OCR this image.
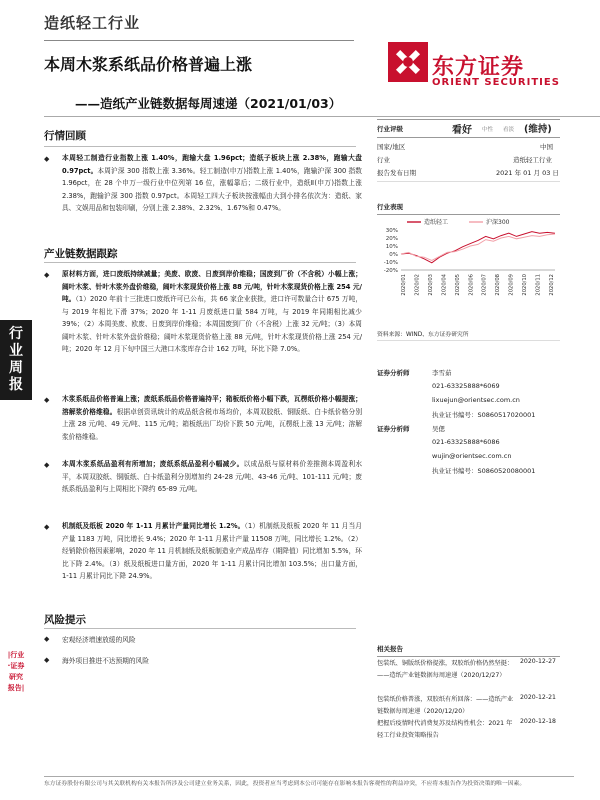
造纸轻工行业
本周木浆系纸品价格普遍上涨
——造纸产业链数据每周速递（2021/01/03）
东方证券
ORIENT SECURITIES
行情回顾
◆ 本周轻工制造行业指数上涨 1.40%，跑输大盘 1.96pct；造纸子板块上涨 2.38%，跑输大盘 0.97pct。本周沪深 300 指数上涨 3.36%。轻工制造(申万)指数上涨 1.40%，跑输沪深 300 指数 1.96pct，在 28 个申万一级行业中位列第 16 位，涨幅靠后；二级行业中，造纸Ⅱ(申万)指数上涨 2.38%，跑输沪深 300 指数 0.97pct。本周轻工四大子板块按涨幅由大到小排名依次为：造纸、家具、文娱用品和包装印刷，分别上涨 2.38%、2.32%、1.67%和 0.47%。
产业链数据跟踪
◆ 原材料方面，进口废纸持续减量；美废、欧废、日废到岸价维稳；国废到厂价（不含税）小幅上涨；阔叶木浆、针叶木浆外盘价维稳，阔叶木浆现货价格上涨 88 元/吨，针叶木浆现货价格上涨 254 元/吨。（1）2020 年前十三批进口废纸许可已公布，共 66 家企业获批，进口许可数量合计 675 万吨，与 2019 年相比下滑 37%；2020 年 1-11 月废纸进口量 584 万吨，与 2019 年同期相比减少 39%；（2）本周美废、欧废、日废到岸价维稳；本周国废到厂价（不含税）上涨 32 元/吨；（3）本周阔叶木浆、针叶木浆外盘价维稳；阔叶木浆现货价格上涨 88 元/吨，针叶木浆现货价格上涨 254 元/吨；2020 年 12 月下旬中国三大港口木浆库存合计 162 万吨，环比下降 7.0%。
◆ 木浆系纸品价格普遍上涨；废纸系纸品价格普遍持平；箱板纸价格小幅下跌，瓦楞纸价格小幅提涨；溶解浆价格维稳。根据卓创资讯统计的成品纸含税市场均价，本周双胶纸、铜版纸、白卡纸价格分别上涨 28 元/吨、49 元/吨、115 元/吨；箱板纸出厂均价下跌 50 元/吨，瓦楞纸上涨 13 元/吨；溶解浆价格维稳。
◆ 本周木浆系纸品盈利有所增加；废纸系纸品盈利小幅减少。以成品纸与原材料价差推测本周盈利水平，本周双胶纸、铜版纸、白卡纸盈利分别增加约 24-28 元/吨、43-46 元/吨、101-111 元/吨；废纸系纸品盈利与上周相比下降约 65-89 元/吨。
◆ 机制纸及纸板 2020 年 1-11 月累计产量同比增长 1.2%。（1）机制纸及纸板 2020 年 11 月当月产量 1183 万吨，同比增长 9.4%；2020 年 1-11 月累计产量 11508 万吨，同比增长 1.2%。（2）经销除价格因素影响，2020 年 11 月机制纸及纸板制造业产成品库存（期降值）同比增加 5.5%，环比下降 2.4%。（3）纸及纸板进口量方面，2020 年 1-11 月累计同比增加 103.5%；出口量方面，1-11 月累计同比下降 24.9%。
风险提示
◆ 宏观经济增速放缓的风险
◆ 海外项目推进不达预期的风险
行业周报
|行业·证券研究报告|
行业评级	看好 中性 看淡 (维持)
国家/地区	中国
行业	造纸轻工行业
报告发布日期	2021 年 01 月 03 日
行业表现
造纸轻工	沪深300
30%
20%
10%
0%
-10%
-20%
2020/01 2020/02 2020/03 2020/04 2020/05 2020/06 2020/07 2020/08 2020/09 2020/10 2020/11 2020/12
资料来源：WIND、东方证券研究所
证券分析师	李雪茹
021-63325888*6069
lixuejun@orientsec.com.cn
执业证书编号：S0860517020001
证券分析师	吴偲
021-63325888*6086
wujin@orientsec.com.cn
执业证书编号：S0860520080001
相关报告
包装纸、铜版纸价格提涨，双胶纸价格仍然坚挺：——造纸产业链数据每周速递（2020/12/27）
2020-12-27
包装纸价格普涨，双胶纸有所回落：——造纸产业链数据每周速递（2020/12/20）
2020-12-21
把握后疫情时代消费复苏及结构性机会：2021 年轻工行业投资策略报告
2020-12-18
东方证券股份有限公司与其关联机构有关本报告所涉及公司建立业务关系，因此，投资者应当考虑到本公司可能存在影响本报告客观性的利益冲突，不应将本报告作为投资决策的唯一因素。
